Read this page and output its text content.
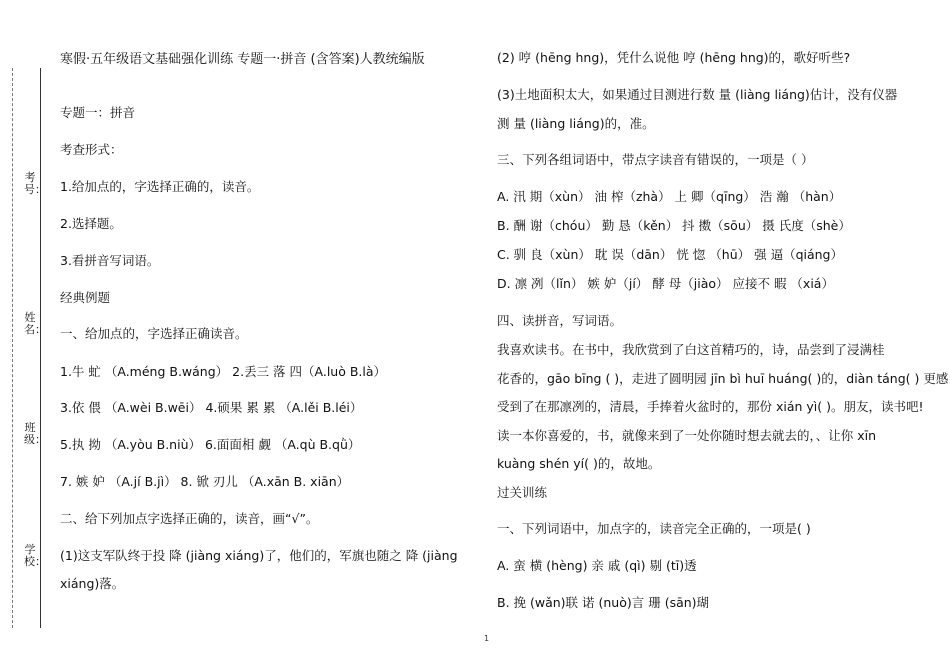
考号：
姓名：
班级：
学校：
寒假·五年级语文基础强化训练 专题一·拼音 (含答案)人教统编版
专题一：拼音
考查形式：
1.给加点的，字选择正确的，读音。
2.选择题。
3.看拼音写词语。
经典例题
一、给加点的，字选择正确读音。
1.牛 虻 （A.méng B.wáng） 2.丢三 落 四（A.luò B.là）
3.依 偎 （A.wèi B.wēi） 4.硕果 累 累 （A.lěi B.léi）
5.执 拗 （A.yòu B.niù） 6.面面相 觑 （A.qù B.qǜ）
7. 嫉 妒 （A.jí B.jì） 8. 锨 刃儿 （A.xān B. xiān）
二、给下列加点字选择正确的，读音，画“√”。
(1)这支军队终于投 降 (jiàng xiáng)了，他们的，军旗也随之 降 (jiàng
xiáng)落。
(2) 哼 (hēng hng)，凭什么说他 哼 (hēng hng)的，歌好听些?
(3)土地面积太大，如果通过目测进行数 量 (liàng liáng)估计，没有仪器
测 量 (liàng liáng)的，准。
三、下列各组词语中，带点字读音有错误的，一项是（ ）
A. 汛 期（xùn） 油 榨（zhà） 上 卿（qīng） 浩 瀚 （hàn）
B. 酬 谢（chóu） 勤 恳（kěn） 抖 擞（sōu） 摄 氏度（shè）
C. 驯 良（xùn） 耽 误（dān） 恍 惚 （hū） 强 逼（qiáng）
D. 凛 冽（lǐn） 嫉 妒（jí） 酵 母（jiào） 应接不 暇 （xiá）
四、读拼音，写词语。
我喜欢读书。在书中，我欣赏到了白这首精巧的，诗，品尝到了浸满桂
花香的，gāo bīng ( )，走进了圆明园 jīn bì huī huáng( )的，diàn táng( ) 更感
受到了在那凛冽的，清晨，手捧着火盆时的，那份 xián yì( )。朋友，读书吧!
读一本你喜爱的，书，就像来到了一处你随时想去就去的，、让你 xīn
kuàng shén yí( )的，故地。
过关训练
一、下列词语中，加点字的，读音完全正确的，一项是( )
A. 蛮 横 (hèng) 亲 戚 (qì) 剔 (tī)透
B. 挽 (wǎn)联 诺 (nuò)言 珊 (sān)瑚
1
